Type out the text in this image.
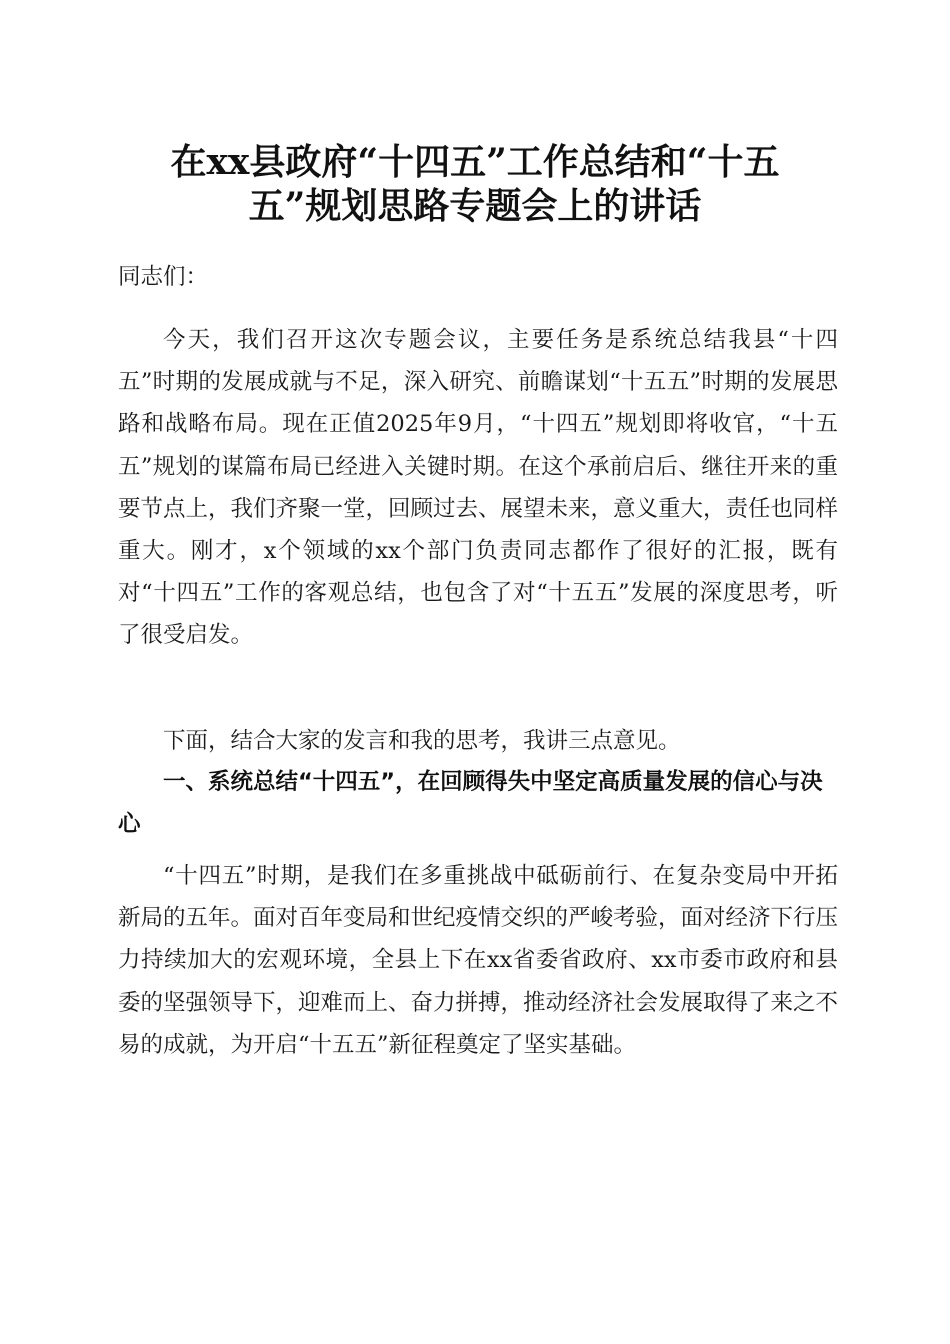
在xx县政府“十四五”工作总结和“十五
五”规划思路专题会上的讲话

同志们：

今天，我们召开这次专题会议，主要任务是系统总结我县“十四五”时期的发展成就与不足，深入研究、前瞻谋划“十五五”时期的发展思路和战略布局。现在正值2025年9月，“十四五”规划即将收官，“十五五”规划的谋篇布局已经进入关键时期。在这个承前启后、继往开来的重要节点上，我们齐聚一堂，回顾过去、展望未来，意义重大，责任也同样重大。刚才，x个领域的xx个部门负责同志都作了很好的汇报，既有对“十四五”工作的客观总结，也包含了对“十五五”发展的深度思考，听了很受启发。

下面，结合大家的发言和我的思考，我讲三点意见。

一、系统总结“十四五”，在回顾得失中坚定高质量发展的信心与决心

“十四五”时期，是我们在多重挑战中砥砺前行、在复杂变局中开拓新局的五年。面对百年变局和世纪疫情交织的严峻考验，面对经济下行压力持续加大的宏观环境，全县上下在xx省委省政府、xx市委市政府和县委的坚强领导下，迎难而上、奋力拼搏，推动经济社会发展取得了来之不易的成就，为开启“十五五”新征程奠定了坚实基础。
